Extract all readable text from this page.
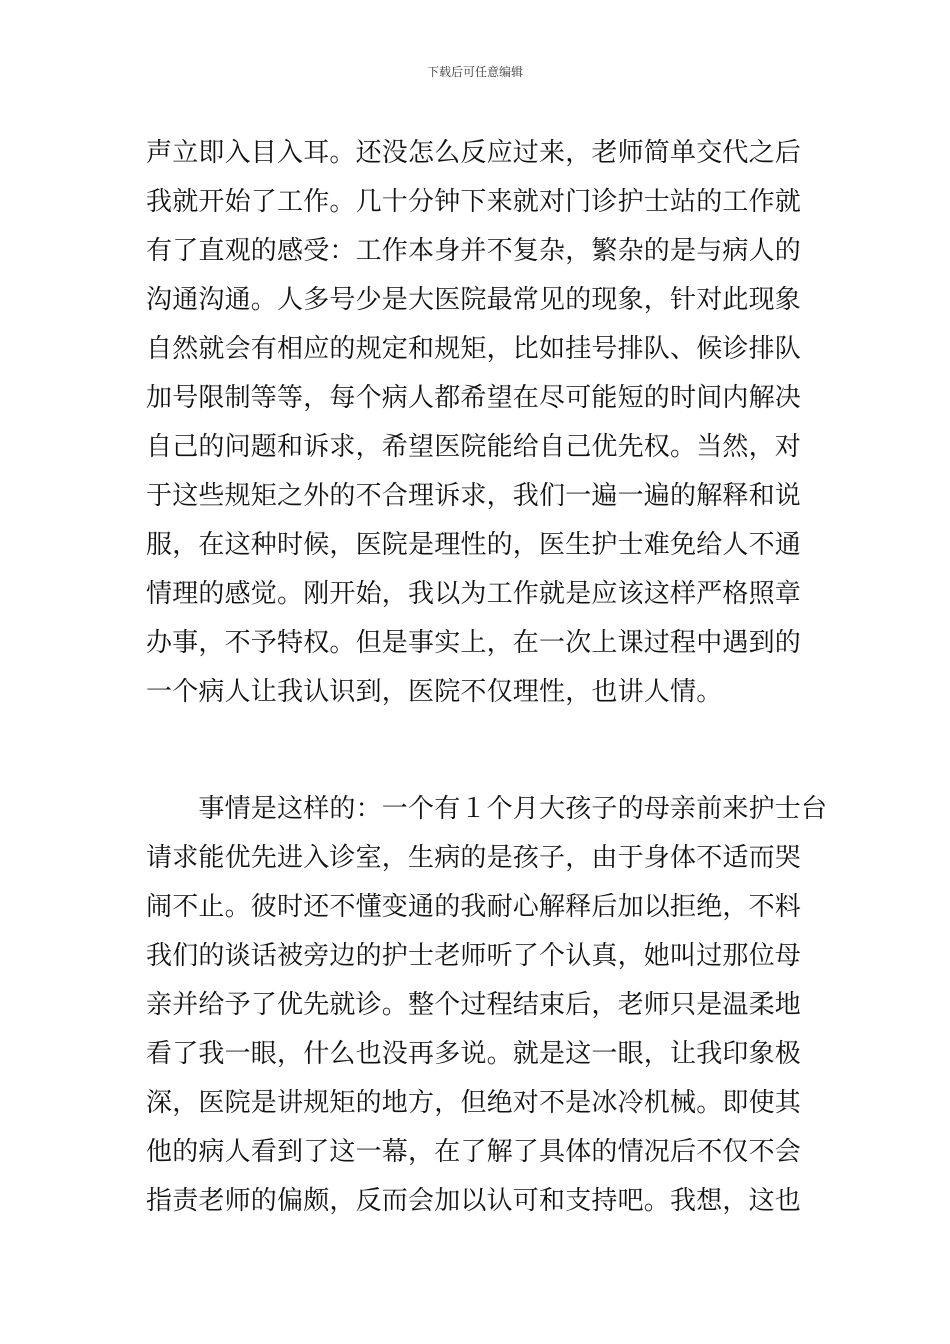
下载后可任意编辑
声立即入目入耳。还没怎么反应过来，老师简单交代之后
我就开始了工作。几十分钟下来就对门诊护士站的工作就
有了直观的感受：工作本身并不复杂，繁杂的是与病人的
沟通沟通。人多号少是大医院最常见的现象，针对此现象
自然就会有相应的规定和规矩，比如挂号排队、候诊排队
加号限制等等，每个病人都希望在尽可能短的时间内解决
自己的问题和诉求，希望医院能给自己优先权。当然，对
于这些规矩之外的不合理诉求，我们一遍一遍的解释和说
服，在这种时候，医院是理性的，医生护士难免给人不通
情理的感觉。刚开始，我以为工作就是应该这样严格照章
办事，不予特权。但是事实上，在一次上课过程中遇到的
一个病人让我认识到，医院不仅理性，也讲人情。
　　事情是这样的：一个有１个月大孩子的母亲前来护士台
请求能优先进入诊室，生病的是孩子，由于身体不适而哭
闹不止。彼时还不懂变通的我耐心解释后加以拒绝，不料
我们的谈话被旁边的护士老师听了个认真，她叫过那位母
亲并给予了优先就诊。整个过程结束后，老师只是温柔地
看了我一眼，什么也没再多说。就是这一眼，让我印象极
深，医院是讲规矩的地方，但绝对不是冰冷机械。即使其
他的病人看到了这一幕，在了解了具体的情况后不仅不会
指责老师的偏颇，反而会加以认可和支持吧。我想，这也
